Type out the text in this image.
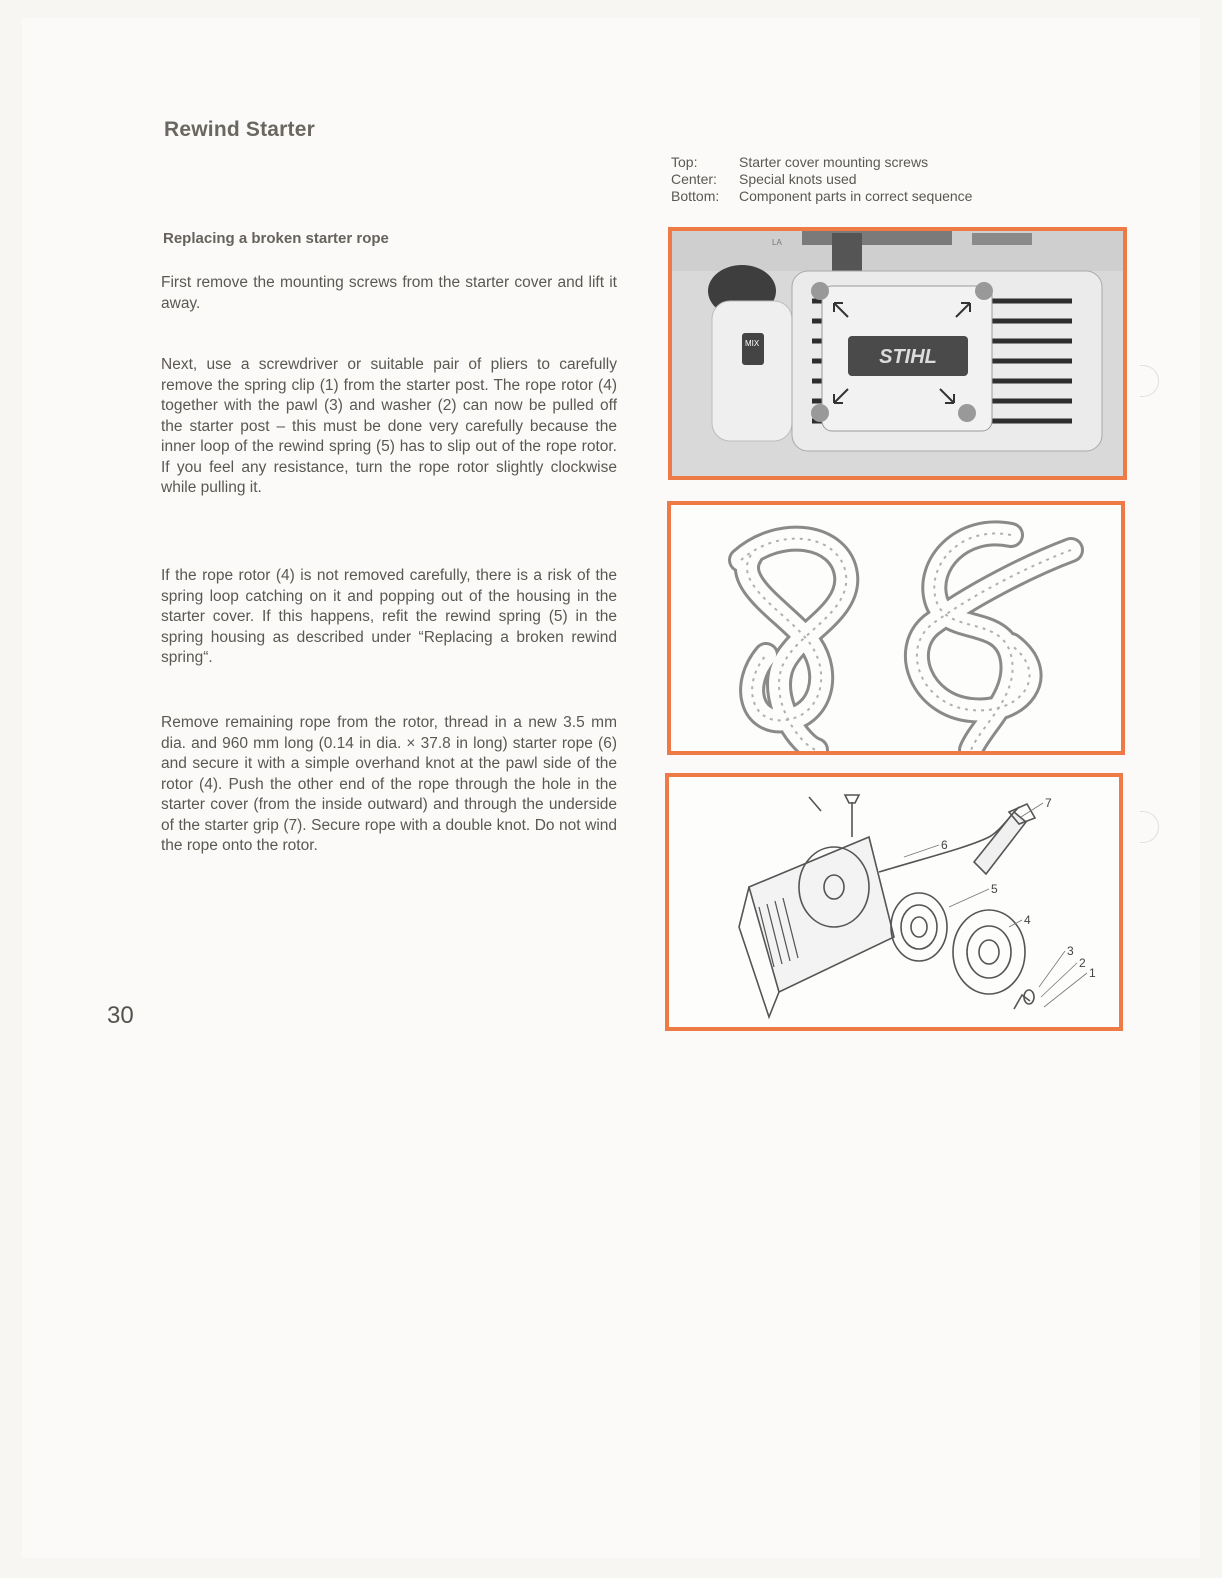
Rewind Starter
Top:	Starter cover mounting screws
Center:	Special knots used
Bottom:	Component parts in correct sequence
Replacing a broken starter rope

First remove the mounting screws from the starter cover and lift it away.

Next, use a screwdriver or suitable pair of pliers to carefully remove the spring clip (1) from the starter post. The rope rotor (4) together with the pawl (3) and washer (2) can now be pulled off the starter post – this must be done very carefully because the inner loop of the rewind spring (5) has to slip out of the rope rotor. If you feel any resistance, turn the rope rotor slightly clockwise while pulling it.

If the rope rotor (4) is not removed carefully, there is a risk of the spring loop catching on it and popping out of the housing in the starter cover. If this happens, refit the rewind spring (5) in the spring housing as described under “Replacing a broken rewind spring“.

Remove remaining rope from the rotor, thread in a new 3.5 mm dia. and 960 mm long (0.14 in dia. × 37.8 in long) starter rope (6) and secure it with a simple overhand knot at the pawl side of the rotor (4). Push the other end of the rope through the hole in the starter cover (from the inside outward) and through the underside of the starter grip (7). Secure rope with a double knot. Do not wind the rope onto the rotor.

30
MIX
LA
STIHL
7
6
5
4
3
2
1
